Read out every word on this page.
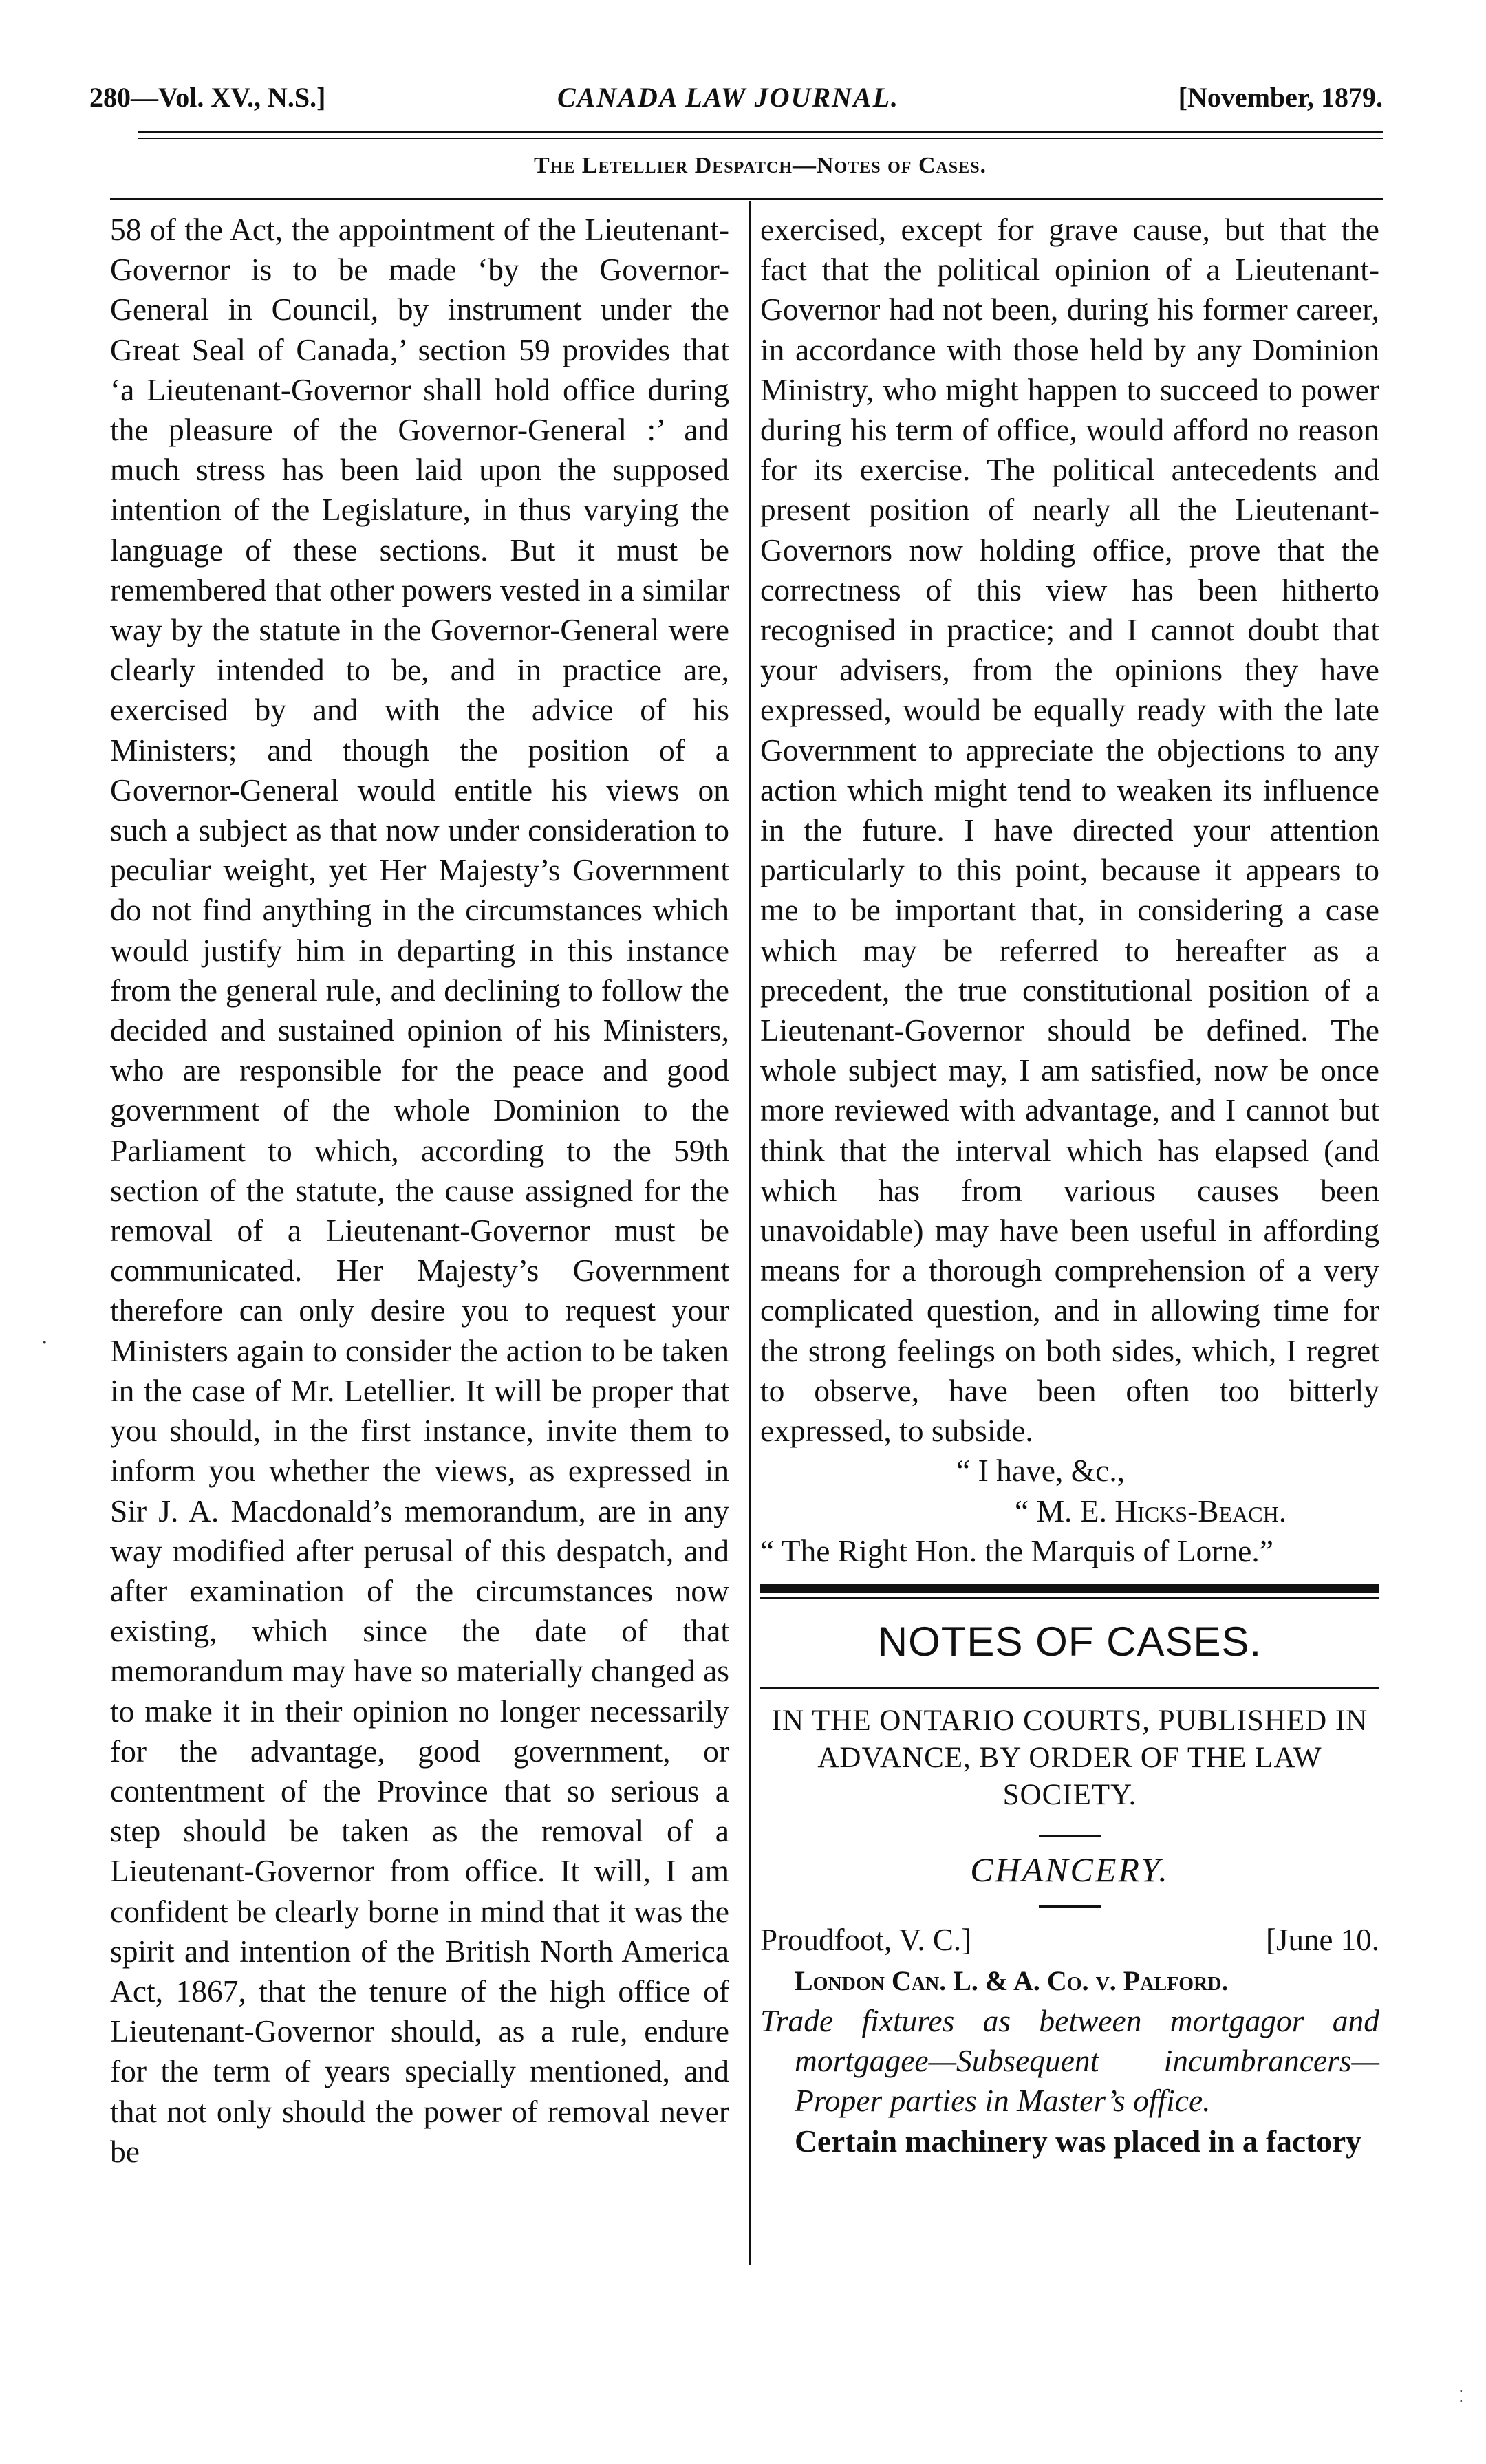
280—Vol. XV., N.S.]	CANADA LAW JOURNAL.	[November, 1879.
The Letellier Despatch—Notes of Cases.

58 of the Act, the appointment of the Lieutenant-Governor is to be made ‘by the Governor-General in Council, by instrument under the Great Seal of Canada,’ section 59 provides that ‘a Lieutenant-Governor shall hold office during the pleasure of the Governor-General :’ and much stress has been laid upon the supposed intention of the Legislature, in thus varying the language of these sections. But it must be remembered that other powers vested in a similar way by the statute in the Governor-General were clearly intended to be, and in practice are, exercised by and with the advice of his Ministers; and though the position of a Governor-General would entitle his views on such a subject as that now under consideration to peculiar weight, yet Her Majesty’s Government do not find anything in the circumstances which would justify him in departing in this instance from the general rule, and declining to follow the decided and sustained opinion of his Ministers, who are responsible for the peace and good government of the whole Dominion to the Parliament to which, according to the 59th section of the statute, the cause assigned for the removal of a Lieutenant-Governor must be communicated. Her Majesty’s Government therefore can only desire you to request your Ministers again to consider the action to be taken in the case of Mr. Letellier. It will be proper that you should, in the first instance, invite them to inform you whether the views, as expressed in Sir J. A. Macdonald’s memorandum, are in any way modified after perusal of this despatch, and after examination of the circumstances now existing, which since the date of that memorandum may have so materially changed as to make it in their opinion no longer necessarily for the advantage, good government, or contentment of the Province that so serious a step should be taken as the removal of a Lieutenant-Governor from office. It will, I am confident be clearly borne in mind that it was the spirit and intention of the British North America Act, 1867, that the tenure of the high office of Lieutenant-Governor should, as a rule, endure for the term of years specially mentioned, and that not only should the power of removal never be

exercised, except for grave cause, but that the fact that the political opinion of a Lieutenant-Governor had not been, during his former career, in accordance with those held by any Dominion Ministry, who might happen to succeed to power during his term of office, would afford no reason for its exercise. The political antecedents and present position of nearly all the Lieutenant-Governors now holding office, prove that the correctness of this view has been hitherto recognised in practice; and I cannot doubt that your advisers, from the opinions they have expressed, would be equally ready with the late Government to appreciate the objections to any action which might tend to weaken its influence in the future. I have directed your attention particularly to this point, because it appears to me to be important that, in considering a case which may be referred to hereafter as a precedent, the true constitutional position of a Lieutenant-Governor should be defined. The whole subject may, I am satisfied, now be once more reviewed with advantage, and I cannot but think that the interval which has elapsed (and which has from various causes been unavoidable) may have been useful in affording means for a thorough comprehension of a very complicated question, and in allowing time for the strong feelings on both sides, which, I regret to observe, have been often too bitterly expressed, to subside.

“ I have, &c.,
“ M. E. Hicks-Beach.
“ The Right Hon. the Marquis of Lorne.”
NOTES OF CASES.
IN THE ONTARIO COURTS, PUBLISHED IN ADVANCE, BY ORDER OF THE LAW SOCIETY.
CHANCERY.
Proudfoot, V. C.]	[June 10.
London Can. L. & A. Co. v. Palford.
Trade fixtures as between mortgagor and mortgagee—Subsequent incumbrancers—Proper parties in Master’s office.
Certain machinery was placed in a factory
·
⁚
